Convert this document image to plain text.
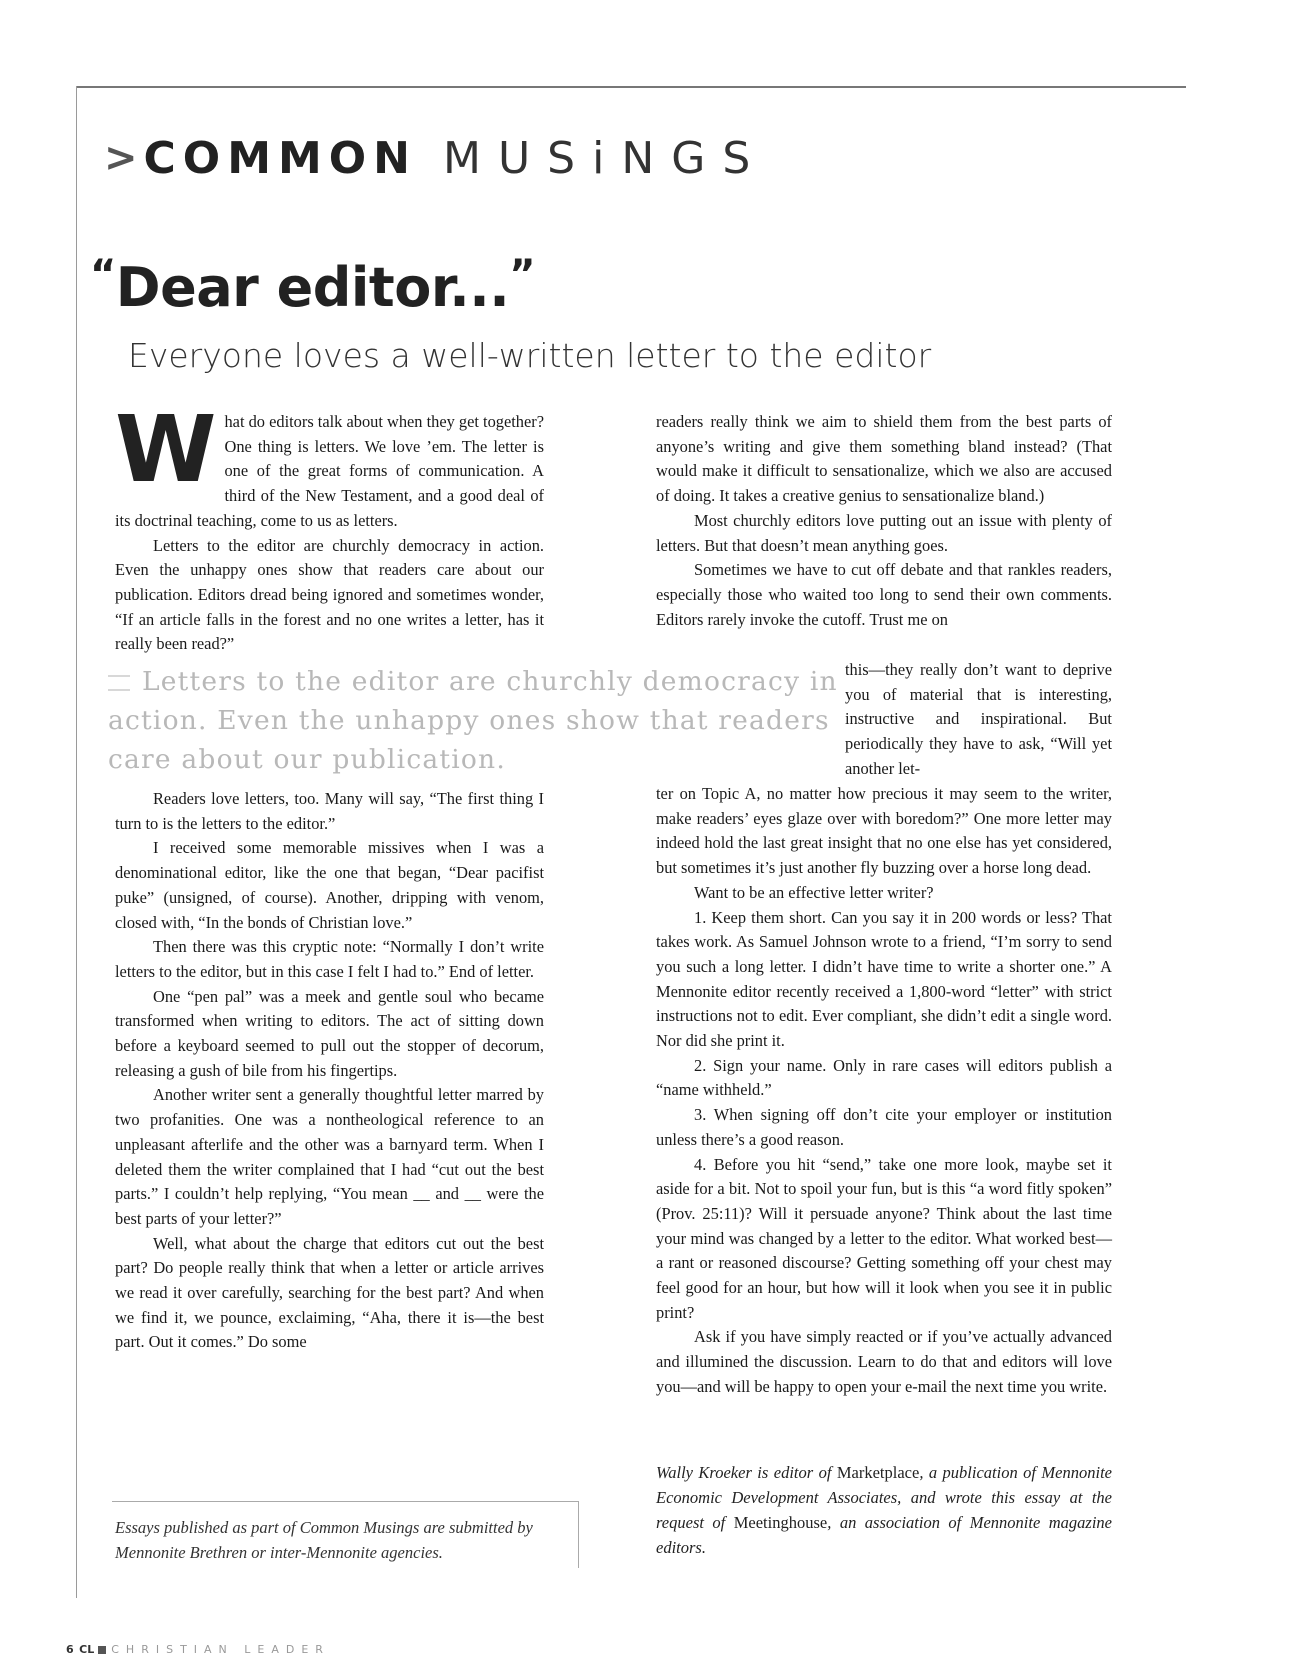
> COMMON MUSiNGS
“Dear editor...”
Everyone loves a well-written letter to the editor

What do editors talk about when they get together? One thing is letters. We love ’em. The letter is one of the great forms of communication. A third of the New Testament, and a good deal of its doctrinal teaching, come to us as letters.

Letters to the editor are churchly democracy in action. Even the unhappy ones show that readers care about our publication. Editors dread being ignored and sometimes wonder, “If an article falls in the forest and no one writes a letter, has it really been read?”

Letters to the editor are churchly democracy in action. Even the unhappy ones show that readers care about our publication.

Readers love letters, too. Many will say, “The first thing I turn to is the letters to the editor.”

I received some memorable missives when I was a denominational editor, like the one that began, “Dear pacifist puke” (unsigned, of course). Another, dripping with venom, closed with, “In the bonds of Christian love.”

Then there was this cryptic note: “Normally I don’t write letters to the editor, but in this case I felt I had to.” End of letter.

One “pen pal” was a meek and gentle soul who became transformed when writing to editors. The act of sitting down before a keyboard seemed to pull out the stopper of decorum, releasing a gush of bile from his fingertips.

Another writer sent a generally thoughtful letter marred by two profanities. One was a nontheological reference to an unpleasant afterlife and the other was a barnyard term. When I deleted them the writer complained that I had “cut out the best parts.” I couldn’t help replying, “You mean __ and __ were the best parts of your letter?”

Well, what about the charge that editors cut out the best part? Do people really think that when a letter or article arrives we read it over carefully, searching for the best part? And when we find it, we pounce, exclaiming, “Aha, there it is—the best part. Out it comes.” Do some

readers really think we aim to shield them from the best parts of anyone’s writing and give them something bland instead? (That would make it difficult to sensationalize, which we also are accused of doing. It takes a creative genius to sensationalize bland.)

Most churchly editors love putting out an issue with plenty of letters. But that doesn’t mean anything goes.

Sometimes we have to cut off debate and that rankles readers, especially those who waited too long to send their own comments. Editors rarely invoke the cutoff. Trust me on

this—they really don’t want to deprive you of material that is interesting, instructive and inspirational. But periodically they have to ask, “Will yet another let-

ter on Topic A, no matter how precious it may seem to the writer, make readers’ eyes glaze over with boredom?” One more letter may indeed hold the last great insight that no one else has yet considered, but sometimes it’s just another fly buzzing over a horse long dead.

Want to be an effective letter writer?

1. Keep them short. Can you say it in 200 words or less? That takes work. As Samuel Johnson wrote to a friend, “I’m sorry to send you such a long letter. I didn’t have time to write a shorter one.” A Mennonite editor recently received a 1,800-word “letter” with strict instructions not to edit. Ever compliant, she didn’t edit a single word. Nor did she print it.

2. Sign your name. Only in rare cases will editors publish a “name withheld.”

3. When signing off don’t cite your employer or institution unless there’s a good reason.

4. Before you hit “send,” take one more look, maybe set it aside for a bit. Not to spoil your fun, but is this “a word fitly spoken” (Prov. 25:11)? Will it persuade anyone? Think about the last time your mind was changed by a letter to the editor. What worked best—a rant or reasoned discourse? Getting something off your chest may feel good for an hour, but how will it look when you see it in public print?

Ask if you have simply reacted or if you’ve actually advanced and illumined the discussion. Learn to do that and editors will love you—and will be happy to open your e-mail the next time you write.

Wally Kroeker is editor of Marketplace, a publication of Mennonite Economic Development Associates, and wrote this essay at the request of Meetinghouse, an association of Mennonite magazine editors.
Essays published as part of Common Musings are submitted by Mennonite Brethren or inter-Mennonite agencies.
6 CL CHRISTIAN LEADER
